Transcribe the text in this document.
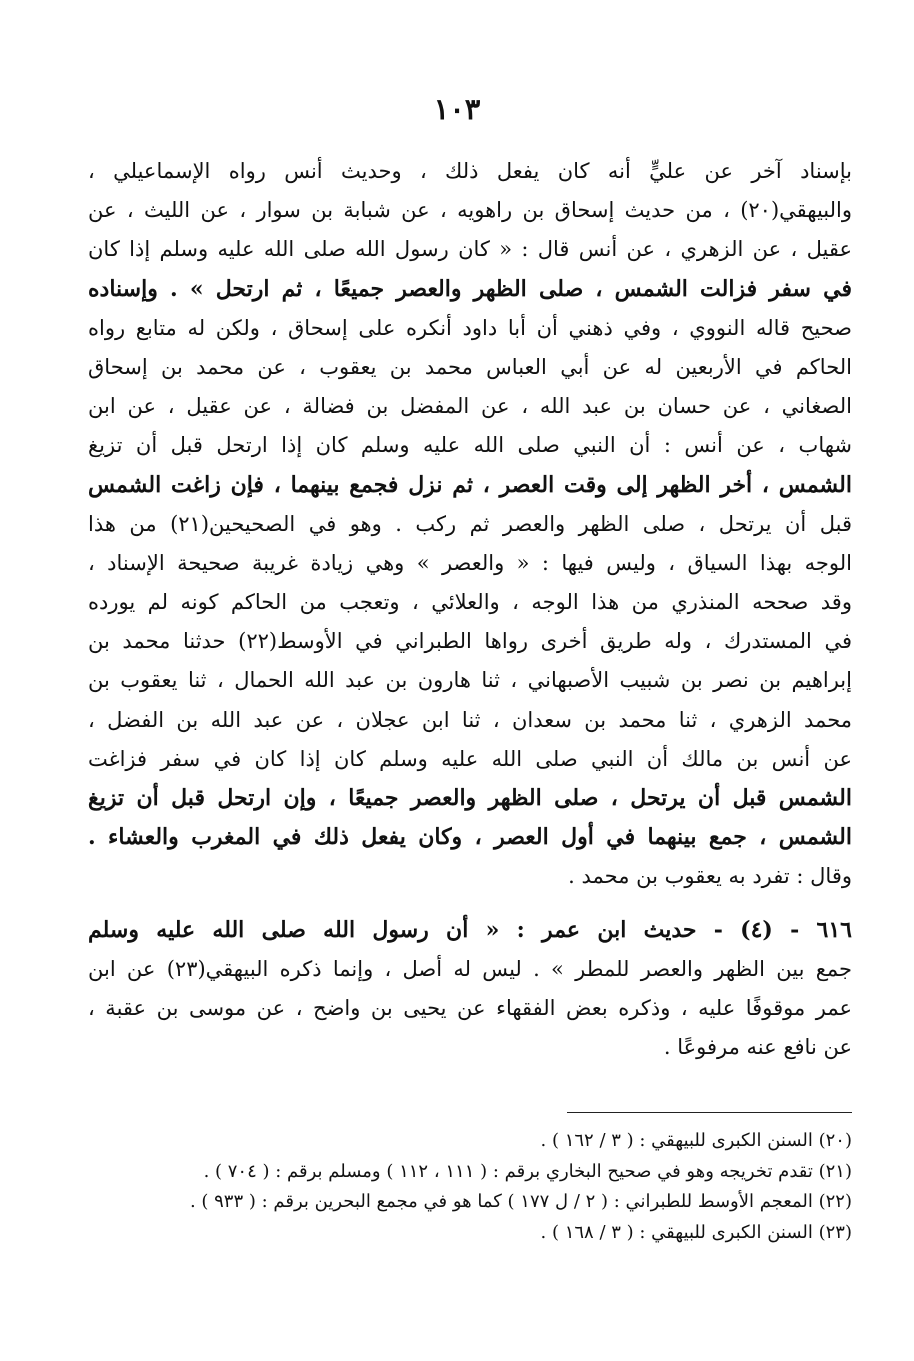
١٠٣
بإسناد آخر عن عليٍّ أنه كان يفعل ذلك ، وحديث أنس رواه الإسماعيلي ،
والبيهقي(٢٠) ، من حديث إسحاق بن راهويه ، عن شبابة بن سوار ، عن الليث ، عن
عقيل ، عن الزهري ، عن أنس قال : « كان رسول الله صلى الله عليه وسلم إذا كان
في سفر فزالت الشمس ، صلى الظهر والعصر جميعًا ، ثم ارتحل » . وإسناده
صحيح قاله النووي ، وفي ذهني أن أبا داود أنكره على إسحاق ، ولكن له متابع رواه
الحاكم في الأربعين له عن أبي العباس محمد بن يعقوب ، عن محمد بن إسحاق
الصغاني ، عن حسان بن عبد الله ، عن المفضل بن فضالة ، عن عقيل ، عن ابن
شهاب ، عن أنس : أن النبي صلى الله عليه وسلم كان إذا ارتحل قبل أن تزيغ
الشمس ، أخر الظهر إلى وقت العصر ، ثم نزل فجمع بينهما ، فإن زاغت الشمس
قبل أن يرتحل ، صلى الظهر والعصر ثم ركب . وهو في الصحيحين(٢١) من هذا
الوجه بهذا السياق ، وليس فيها : « والعصر » وهي زيادة غريبة صحيحة الإسناد ،
وقد صححه المنذري من هذا الوجه ، والعلائي ، وتعجب من الحاكم كونه لم يورده
في المستدرك ، وله طريق أخرى رواها الطبراني في الأوسط(٢٢) حدثنا محمد بن
إبراهيم بن نصر بن شبيب الأصبهاني ، ثنا هارون بن عبد الله الحمال ، ثنا يعقوب بن
محمد الزهري ، ثنا محمد بن سعدان ، ثنا ابن عجلان ، عن عبد الله بن الفضل ،
عن أنس بن مالك أن النبي صلى الله عليه وسلم كان إذا كان في سفر فزاغت
الشمس قبل أن يرتحل ، صلى الظهر والعصر جميعًا ، وإن ارتحل قبل أن تزيغ
الشمس ، جمع بينهما في أول العصر ، وكان يفعل ذلك في المغرب والعشاء .
وقال : تفرد به يعقوب بن محمد .
٦١٦ - (٤) - حديث ابن عمر : « أن رسول الله صلى الله عليه وسلم
جمع بين الظهر والعصر للمطر » . ليس له أصل ، وإنما ذكره البيهقي(٢٣) عن ابن
عمر موقوفًا عليه ، وذكره بعض الفقهاء عن يحيى بن واضح ، عن موسى بن عقبة ،
عن نافع عنه مرفوعًا .
(٢٠) السنن الكبرى للبيهقي : ( ٣ / ١٦٢ ) .
(٢١) تقدم تخريجه وهو في صحيح البخاري برقم : ( ١١١ ، ١١٢ ) ومسلم برقم : ( ٧٠٤ ) .
(٢٢) المعجم الأوسط للطبراني : ( ٢ / ل ١٧٧ ) كما هو في مجمع البحرين برقم : ( ٩٣٣ ) .
(٢٣) السنن الكبرى للبيهقي : ( ٣ / ١٦٨ ) .
